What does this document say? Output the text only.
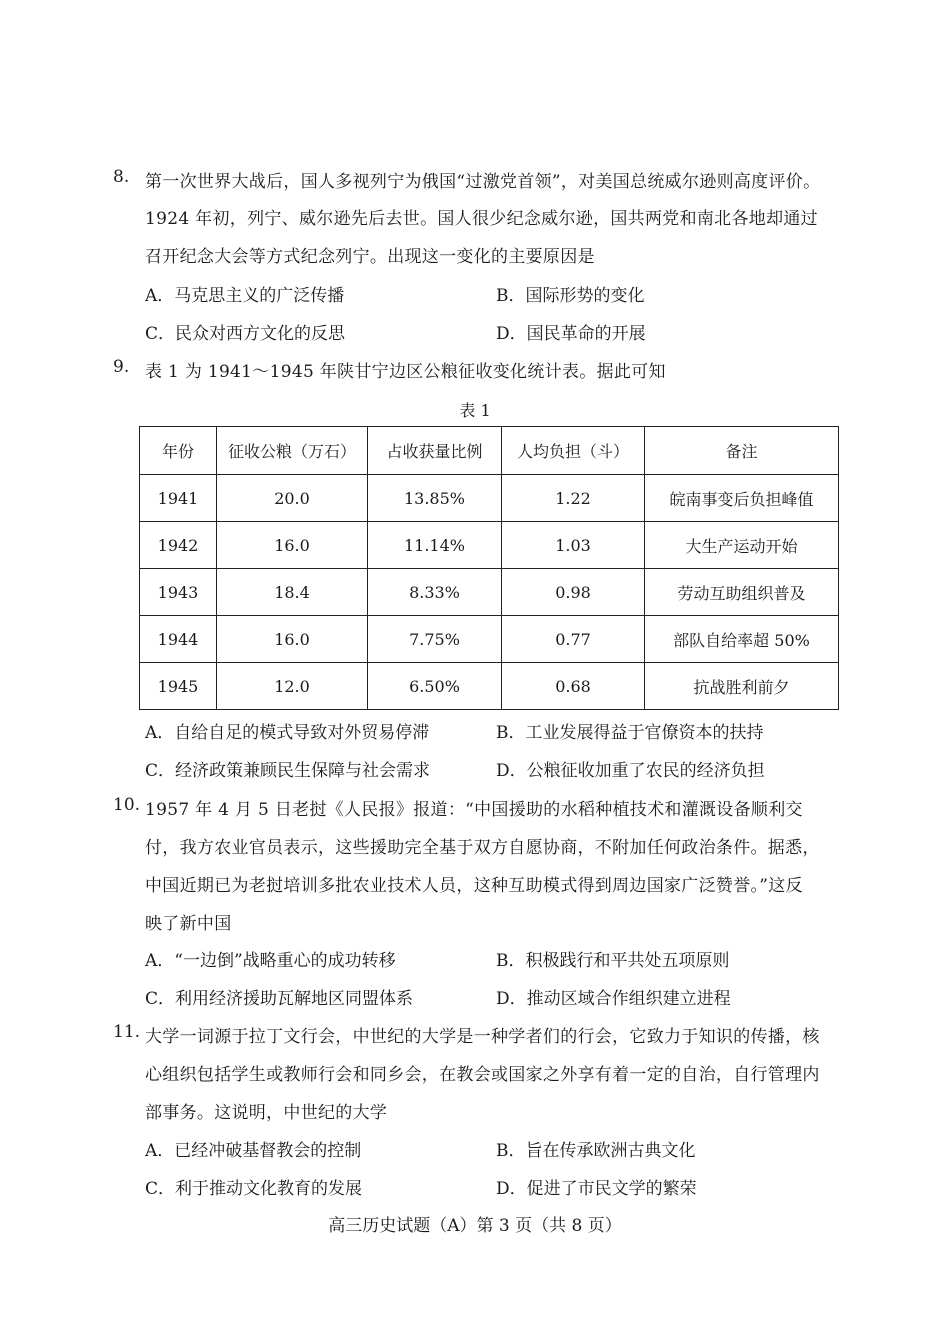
8. 第一次世界大战后，国人多视列宁为俄国“过激党首领”，对美国总统威尔逊则高度评价。
1924 年初，列宁、威尔逊先后去世。国人很少纪念威尔逊，国共两党和南北各地却通过
召开纪念大会等方式纪念列宁。出现这一变化的主要原因是
A．马克思主义的广泛传播	B．国际形势的变化
C．民众对西方文化的反思	D．国民革命的开展
9. 表 1 为 1941～1945 年陕甘宁边区公粮征收变化统计表。据此可知
表 1
年份	征收公粮（万石）	占收获量比例	人均负担（斗）	备注
1941	20.0	13.85%	1.22	皖南事变后负担峰值
1942	16.0	11.14%	1.03	大生产运动开始
1943	18.4	8.33%	0.98	劳动互助组织普及
1944	16.0	7.75%	0.77	部队自给率超 50%
1945	12.0	6.50%	0.68	抗战胜利前夕
A．自给自足的模式导致对外贸易停滞	B．工业发展得益于官僚资本的扶持
C．经济政策兼顾民生保障与社会需求	D．公粮征收加重了农民的经济负担
10. 1957 年 4 月 5 日老挝《人民报》报道：“中国援助的水稻种植技术和灌溉设备顺利交
付，我方农业官员表示，这些援助完全基于双方自愿协商，不附加任何政治条件。据悉，
中国近期已为老挝培训多批农业技术人员，这种互助模式得到周边国家广泛赞誉。”这反
映了新中国
A．“一边倒”战略重心的成功转移	B．积极践行和平共处五项原则
C．利用经济援助瓦解地区同盟体系	D．推动区域合作组织建立进程
11. 大学一词源于拉丁文行会，中世纪的大学是一种学者们的行会，它致力于知识的传播，核
心组织包括学生或教师行会和同乡会，在教会或国家之外享有着一定的自治，自行管理内
部事务。这说明，中世纪的大学
A．已经冲破基督教会的控制	B．旨在传承欧洲古典文化
C．利于推动文化教育的发展	D．促进了市民文学的繁荣
高三历史试题（A）第 3 页（共 8 页）
